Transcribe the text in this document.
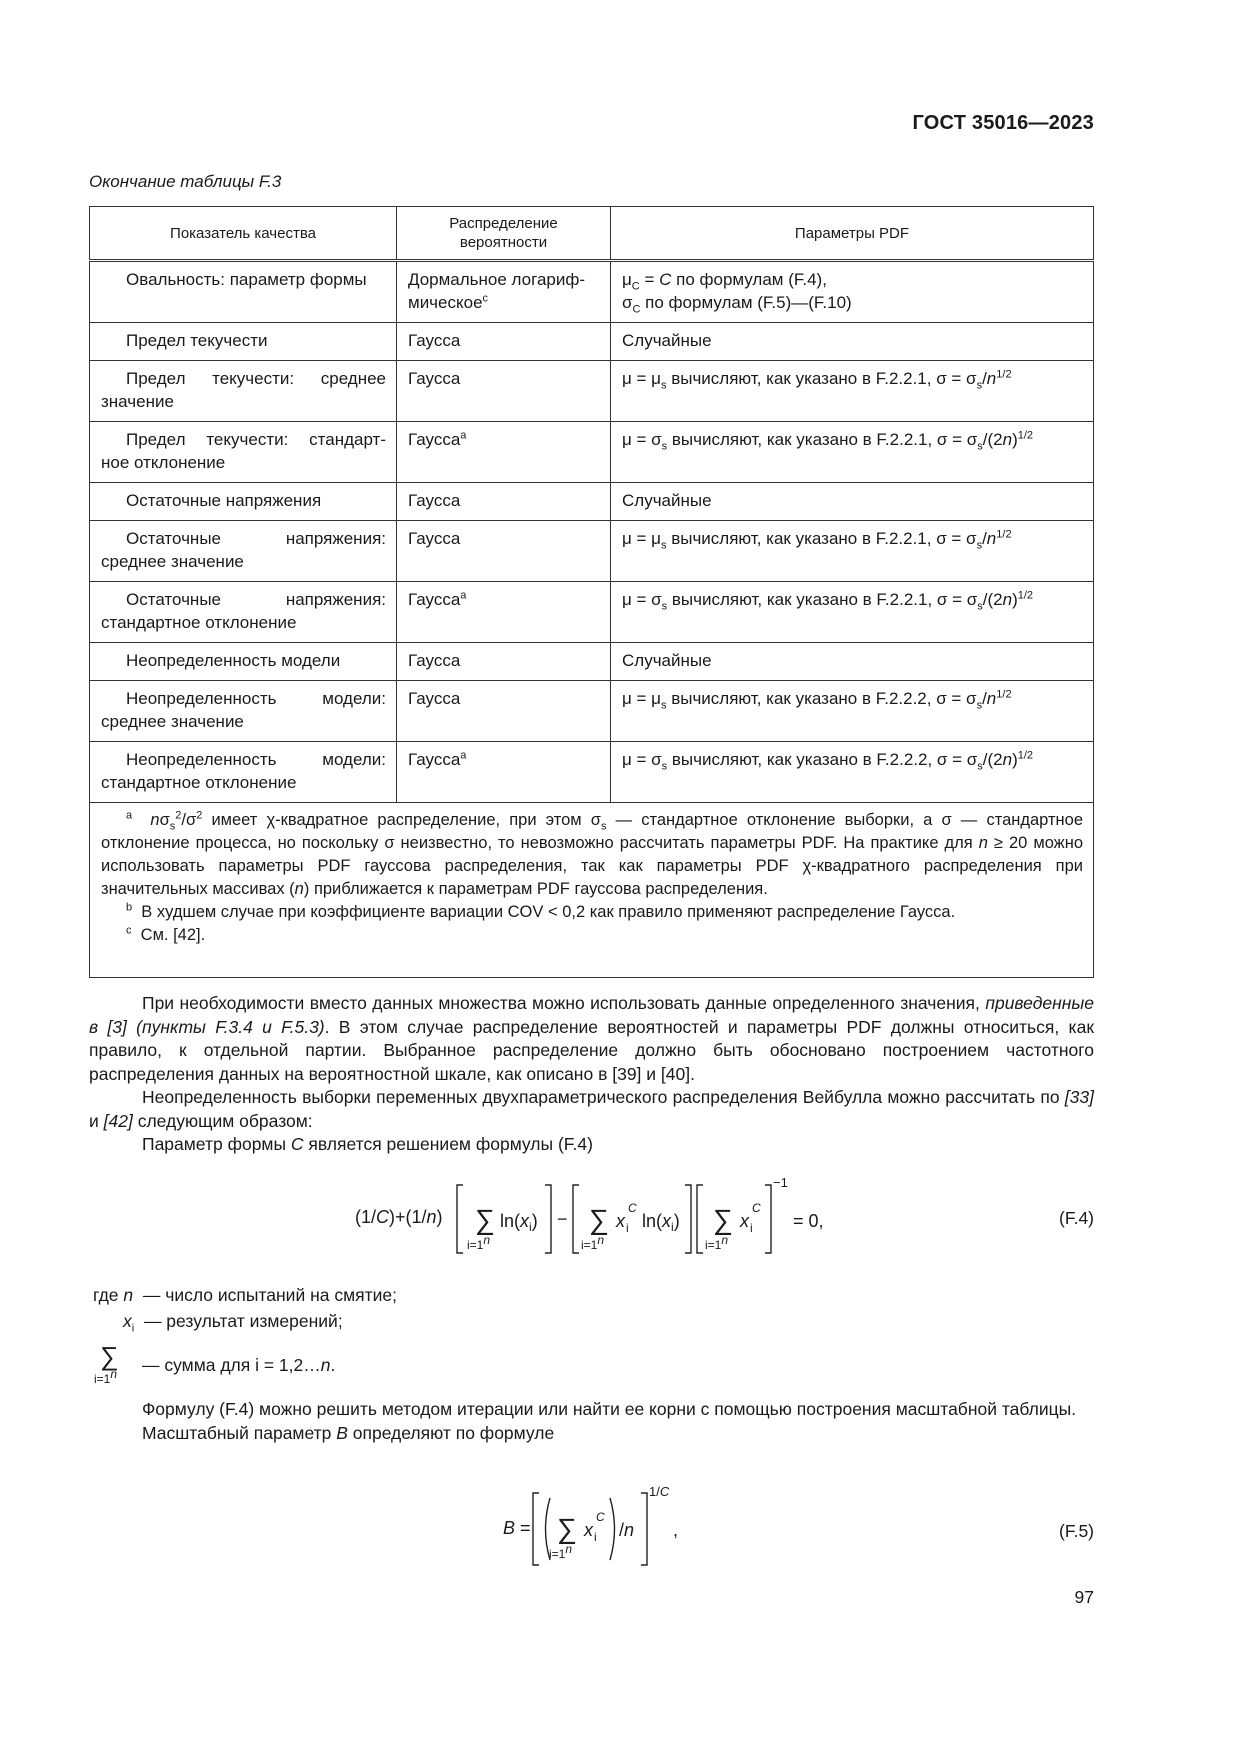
ГОСТ 35016—2023
Окончание таблицы F.3
Показатель качества	Распределение вероятности	Параметры PDF
Овальность: параметр формы	Дормальное логариф-мическое$^c$	$\mu_C = C$ по формулам (F.4),
$\sigma_C$ по формулам (F.5)—(F.10)
Предел текучести	Гаусса	Случайные

Предел текучести: среднее
значение	Гаусса	$\mu = \mu_s$ вычисляют, как указано в F.2.2.1, $\sigma = \sigma_s/n^{1/2}$

Предел текучести: стандарт-
ное отклонение	Гаусса$^a$	$\mu = \sigma_s$ вычисляют, как указано в F.2.2.1, $\sigma = \sigma_s/(2n)^{1/2}$
Остаточные напряжения	Гаусса	Случайные

Остаточные напряжения:
среднее значение	Гаусса	$\mu = \mu_s$ вычисляют, как указано в F.2.2.1, $\sigma = \sigma_s/n^{1/2}$

Остаточные напряжения:
стандартное отклонение	Гаусса$^a$	$\mu = \sigma_s$ вычисляют, как указано в F.2.2.1, $\sigma = \sigma_s/(2n)^{1/2}$
Неопределенность модели	Гаусса	Случайные

Неопределенность модели:
среднее значение	Гаусса	$\mu = \mu_s$ вычисляют, как указано в F.2.2.2, $\sigma = \sigma_s/n^{1/2}$

Неопределенность модели:
стандартное отклонение	Гаусса$^a$	$\mu = \sigma_s$ вычисляют, как указано в F.2.2.2, $\sigma = \sigma_s/(2n)^{1/2}$

$^a$ $n\sigma_s^2/\sigma^2$ имеет χ-квадратное распределение, при этом $\sigma_s$ — стандартное отклонение выборки, а σ — стандартное отклонение процесса, но поскольку σ неизвестно, то невозможно рассчитать параметры PDF. На практике для n ≥ 20 можно использовать параметры PDF гауссова распределения, так как параметры PDF χ-квадратного распределения при значительных массивах (n) приближается к параметрам PDF гауссова распределения.
$^b$ В худшем случае при коэффициенте вариации COV < 0,2 как правило применяют распределение Гаусса.
$^c$ См. [42].		

При необходимости вместо данных множества можно использовать данные определенного значения, приведенные в [3] (пункты F.3.4 и F.5.3). В этом случае распределение вероятностей и параметры PDF должны относиться, как правило, к отдельной партии. Выбранное распределение должно быть обосновано построением частотного распределения данных на вероятностной шкале, как описано в [39] и [40].

Неопределенность выборки переменных двухпараметрического распределения Вейбулла можно рассчитать по [33] и [42] следующим образом:

Параметр формы C является решением формулы (F.4)

(1/C)+(1/n) ∑
i=1n
$\ln(x_i)$ − ∑
i=1n
x i
C
$\ln(x_i)$ ∑
i=1n
x i
C
−1
= 0,	(F.4)
где n — число испытаний на смятие;
$x_i$ — результат измерений;
∑
i=1n — сумма для i = 1,2…n.

Формулу (F.4) можно решить методом итерации или найти ее корни с помощью построения масштабной таблицы.

Масштабный параметр B определяют по формуле

B = ∑
i=1n
x i
C
/n
1/C
,	(F.5)
97
